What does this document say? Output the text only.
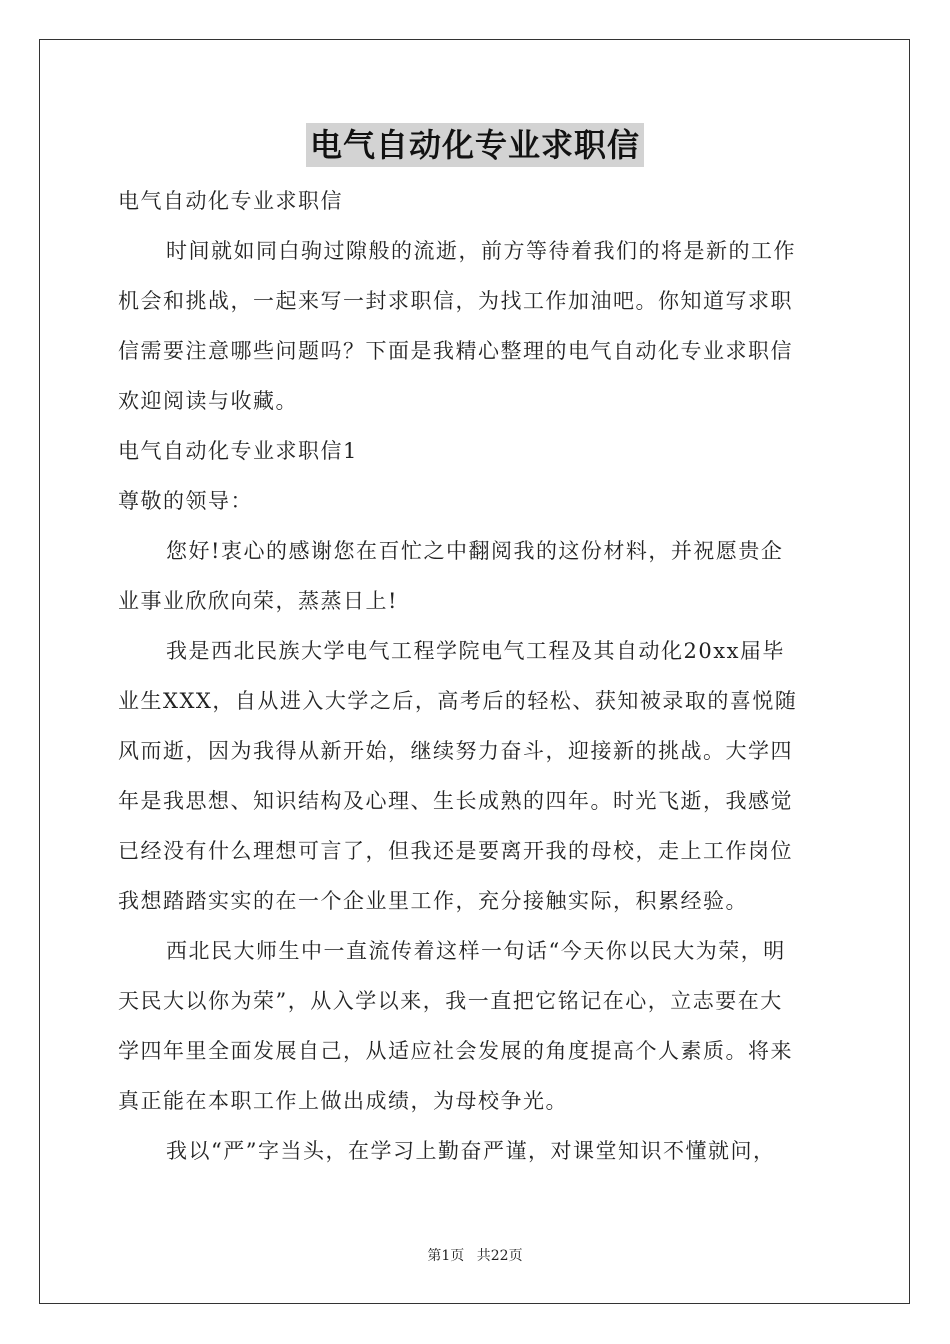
电气自动化专业求职信
电气自动化专业求职信
时间就如同白驹过隙般的流逝，前方等待着我们的将是新的工作
机会和挑战，一起来写一封求职信，为找工作加油吧。你知道写求职
信需要注意哪些问题吗？下面是我精心整理的电气自动化专业求职信
欢迎阅读与收藏。
电气自动化专业求职信1
尊敬的领导：
您好!衷心的感谢您在百忙之中翻阅我的这份材料，并祝愿贵企
业事业欣欣向荣，蒸蒸日上!
我是西北民族大学电气工程学院电气工程及其自动化20xx届毕
业生XXX，自从进入大学之后，高考后的轻松、获知被录取的喜悦随
风而逝，因为我得从新开始，继续努力奋斗，迎接新的挑战。大学四
年是我思想、知识结构及心理、生长成熟的四年。时光飞逝，我感觉
已经没有什么理想可言了，但我还是要离开我的母校，走上工作岗位
我想踏踏实实的在一个企业里工作，充分接触实际，积累经验。
西北民大师生中一直流传着这样一句话“今天你以民大为荣，明
天民大以你为荣”，从入学以来，我一直把它铭记在心，立志要在大
学四年里全面发展自己，从适应社会发展的角度提高个人素质。将来
真正能在本职工作上做出成绩，为母校争光。
我以“严”字当头，在学习上勤奋严谨，对课堂知识不懂就问，
第1页 共22页
